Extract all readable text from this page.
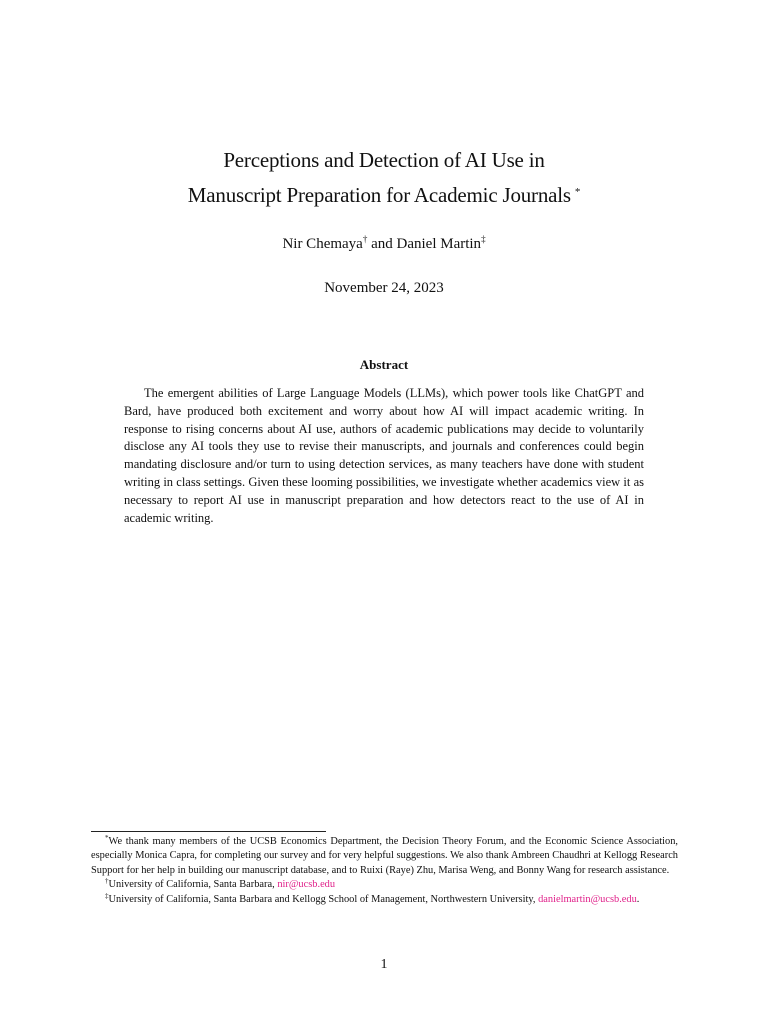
Perceptions and Detection of AI Use in
Manuscript Preparation for Academic Journals *
Nir Chemaya† and Daniel Martin‡
November 24, 2023
Abstract

The emergent abilities of Large Language Models (LLMs), which power tools like ChatGPT and Bard, have produced both excitement and worry about how AI will impact academic writing. In response to rising concerns about AI use, authors of academic publications may decide to voluntarily disclose any AI tools they use to revise their manuscripts, and journals and conferences could begin mandating disclosure and/or turn to using detection services, as many teachers have done with student writing in class settings. Given these looming possibilities, we investigate whether academics view it as necessary to report AI use in manuscript preparation and how detectors react to the use of AI in academic writing.

*We thank many members of the UCSB Economics Department, the Decision Theory Forum, and the Economic Science Association, especially Monica Capra, for completing our survey and for very helpful suggestions. We also thank Ambreen Chaudhri at Kellogg Research Support for her help in building our manuscript database, and to Ruixi (Raye) Zhu, Marisa Weng, and Bonny Wang for research assistance.

†University of California, Santa Barbara, nir@ucsb.edu

‡University of California, Santa Barbara and Kellogg School of Management, Northwestern University, danielmartin@ucsb.edu.

1
